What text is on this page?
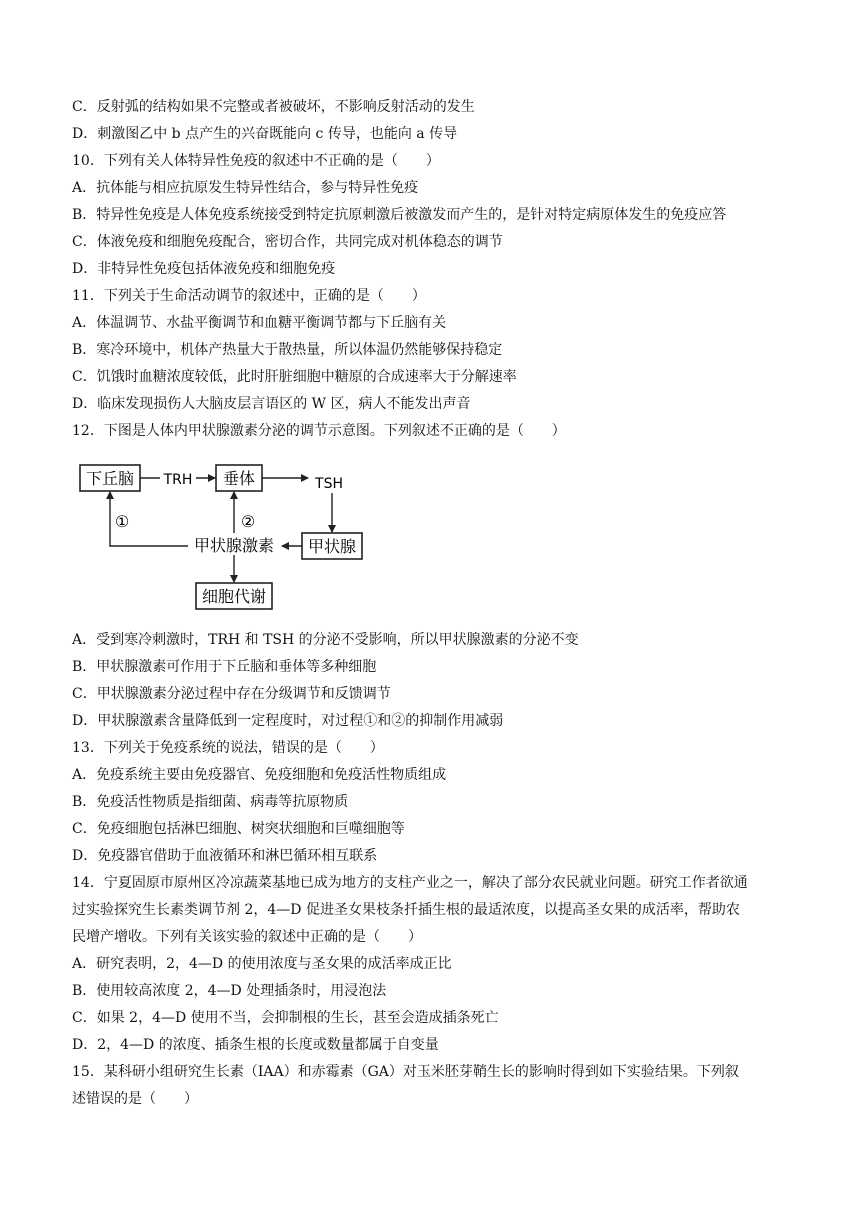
C．反射弧的结构如果不完整或者被破坏，不影响反射活动的发生
D．刺激图乙中 b 点产生的兴奋既能向 c 传导，也能向 a 传导
10．下列有关人体特异性免疫的叙述中不正确的是（　　）
A．抗体能与相应抗原发生特异性结合，参与特异性免疫
B．特异性免疫是人体免疫系统接受到特定抗原刺激后被激发而产生的，是针对特定病原体发生的免疫应答
C．体液免疫和细胞免疫配合，密切合作，共同完成对机体稳态的调节
D．非特异性免疫包括体液免疫和细胞免疫
11．下列关于生命活动调节的叙述中，正确的是（　　）
A．体温调节、水盐平衡调节和血糖平衡调节都与下丘脑有关
B．寒冷环境中，机体产热量大于散热量，所以体温仍然能够保持稳定
C．饥饿时血糖浓度较低，此时肝脏细胞中糖原的合成速率大于分解速率
D．临床发现损伤人大脑皮层言语区的 W 区，病人不能发出声音
12．下图是人体内甲状腺激素分泌的调节示意图。下列叙述不正确的是（　　）
下丘脑 TRH 垂体	TSH
甲状腺
甲状腺激素
细胞代谢
①	②
A．受到寒冷刺激时，TRH 和 TSH 的分泌不受影响，所以甲状腺激素的分泌不变
B．甲状腺激素可作用于下丘脑和垂体等多种细胞
C．甲状腺激素分泌过程中存在分级调节和反馈调节
D．甲状腺激素含量降低到一定程度时，对过程①和②的抑制作用减弱
13．下列关于免疫系统的说法，错误的是（　　）
A．免疫系统主要由免疫器官、免疫细胞和免疫活性物质组成
B．免疫活性物质是指细菌、病毒等抗原物质
C．免疫细胞包括淋巴细胞、树突状细胞和巨噬细胞等
D．免疫器官借助于血液循环和淋巴循环相互联系
14．宁夏固原市原州区冷凉蔬菜基地已成为地方的支柱产业之一，解决了部分农民就业问题。研究工作者欲通
过实验探究生长素类调节剂 2，4—D 促进圣女果枝条扦插生根的最适浓度，以提高圣女果的成活率，帮助农
民增产增收。下列有关该实验的叙述中正确的是（　　）
A．研究表明，2，4—D 的使用浓度与圣女果的成活率成正比
B．使用较高浓度 2，4—D 处理插条时，用浸泡法
C．如果 2，4—D 使用不当，会抑制根的生长，甚至会造成插条死亡
D．2，4—D 的浓度、插条生根的长度或数量都属于自变量
15．某科研小组研究生长素（IAA）和赤霉素（GA）对玉米胚芽鞘生长的影响时得到如下实验结果。下列叙
述错误的是（　　）
